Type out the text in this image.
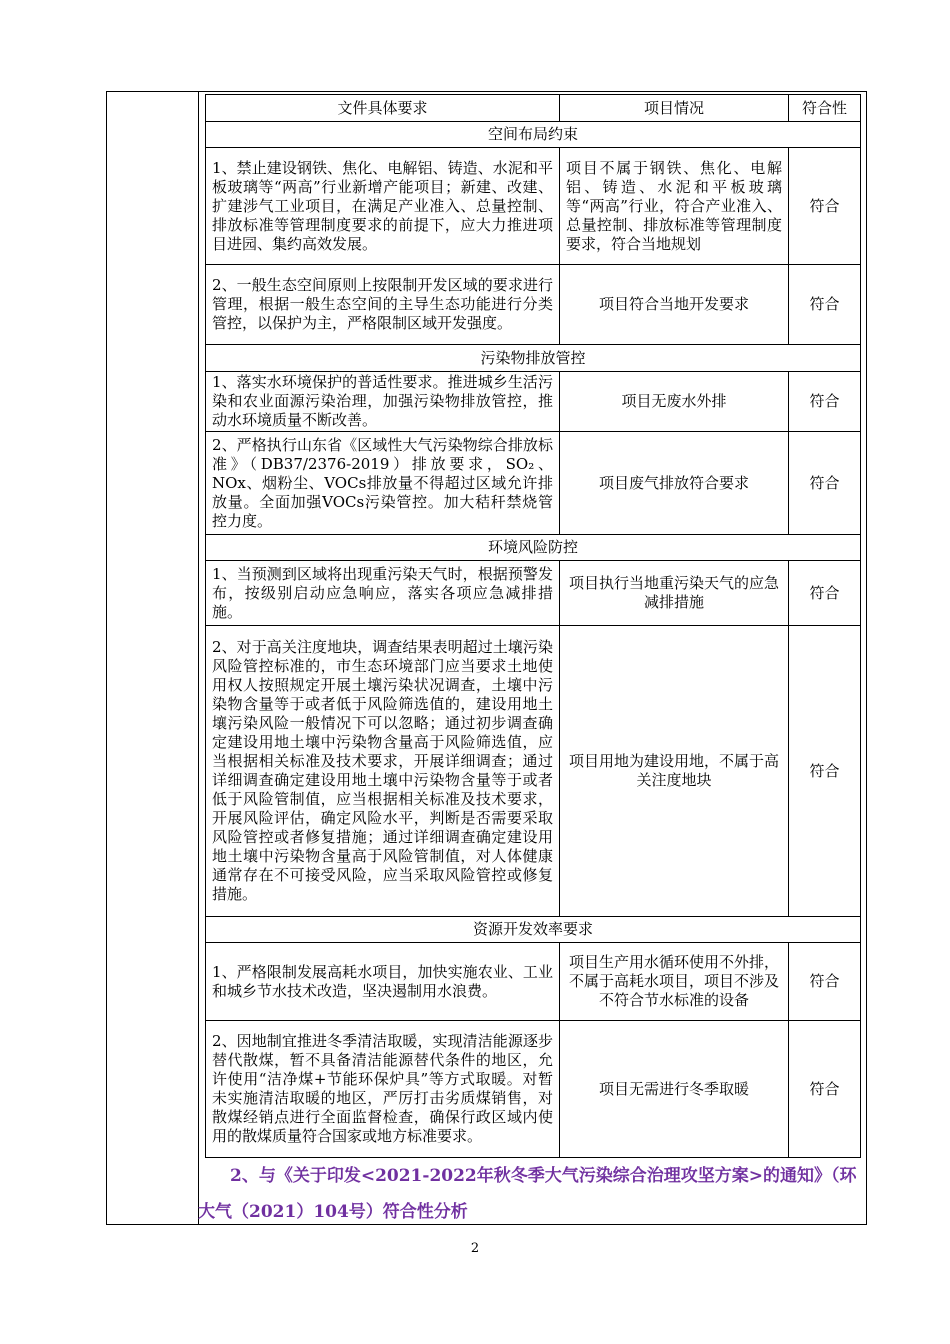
文件具体要求	项目情况	符合性
空间布局约束		
1、禁止建设钢铁、焦化、电解铝、铸造、水泥和平板玻璃等“两高”行业新增产能项目；新建、改建、扩建涉气工业项目，在满足产业准入、总量控制、排放标准等管理制度要求的前提下，应大力推进项目进园、集约高效发展。	项目不属于钢铁、焦化、电解铝、铸造、水泥和平板玻璃等“两高”行业，符合产业准入、总量控制、排放标准等管理制度要求，符合当地规划	符合
2、一般生态空间原则上按限制开发区域的要求进行管理，根据一般生态空间的主导生态功能进行分类管控，以保护为主，严格限制区域开发强度。	项目符合当地开发要求	符合
污染物排放管控		
1、落实水环境保护的普适性要求。推进城乡生活污染和农业面源污染治理，加强污染物排放管控，推动水环境质量不断改善。	项目无废水外排	符合
2、严格执行山东省《区域性大气污染物综合排放标准》（DB37/2376-2019）排放要求，SO₂、NOx、烟粉尘、VOCs排放量不得超过区域允许排放量。全面加强VOCs污染管控。加大秸秆禁烧管控力度。	项目废气排放符合要求	符合
环境风险防控		
1、当预测到区域将出现重污染天气时，根据预警发布，按级别启动应急响应，落实各项应急减排措施。	项目执行当地重污染天气的应急减排措施	符合
2、对于高关注度地块，调查结果表明超过土壤污染风险管控标准的，市生态环境部门应当要求土地使用权人按照规定开展土壤污染状况调查，土壤中污染物含量等于或者低于风险筛选值的，建设用地土壤污染风险一般情况下可以忽略；通过初步调查确定建设用地土壤中污染物含量高于风险筛选值，应当根据相关标准及技术要求，开展详细调查；通过详细调查确定建设用地土壤中污染物含量等于或者低于风险管制值，应当根据相关标准及技术要求，开展风险评估，确定风险水平，判断是否需要采取风险管控或者修复措施；通过详细调查确定建设用地土壤中污染物含量高于风险管制值，对人体健康通常存在不可接受风险，应当采取风险管控或修复措施。	项目用地为建设用地，不属于高关注度地块	符合
资源开发效率要求		
1、严格限制发展高耗水项目，加快实施农业、工业和城乡节水技术改造，坚决遏制用水浪费。	项目生产用水循环使用不外排，不属于高耗水项目，项目不涉及不符合节水标准的设备	符合
2、因地制宜推进冬季清洁取暖，实现清洁能源逐步替代散煤，暂不具备清洁能源替代条件的地区，允许使用“洁净煤+节能环保炉具”等方式取暖。对暂未实施清洁取暖的地区，严厉打击劣质煤销售，对散煤经销点进行全面监督检查，确保行政区域内使用的散煤质量符合国家或地方标准要求。	项目无需进行冬季取暖	符合
2、与《关于印发<2021-2022年秋冬季大气污染综合治理攻坚方案>的通知》（环大气（2021）104号）符合性分析
2
